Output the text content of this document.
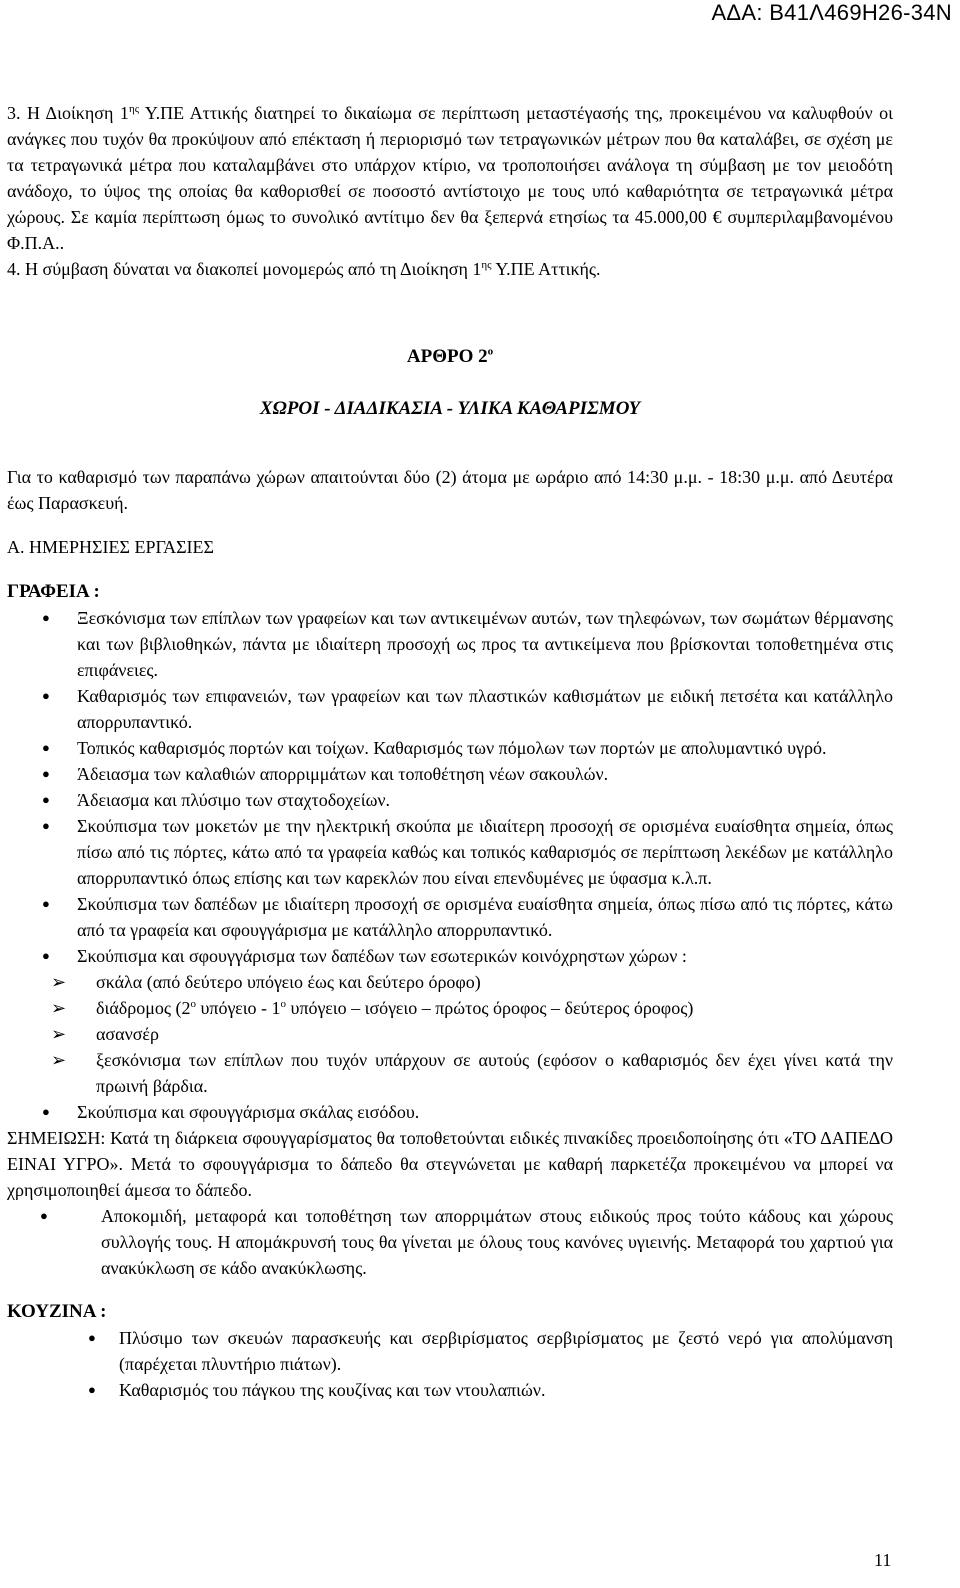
ΑΔΑ: Β41Λ469Η26-34Ν

3. Η Διοίκηση $1^{\eta\varsigma}$ Υ.ΠΕ Αττικής διατηρεί το δικαίωμα σε περίπτωση μεταστέγασής της, προκειμένου να καλυφθούν οι ανάγκες που τυχόν θα προκύψουν από επέκταση ή περιορισμό των τετραγωνικών μέτρων που θα καταλάβει, σε σχέση με τα τετραγωνικά μέτρα που καταλαμβάνει στο υπάρχον κτίριο, να τροποποιήσει ανάλογα τη σύμβαση με τον μειοδότη ανάδοχο, το ύψος της οποίας θα καθορισθεί σε ποσοστό αντίστοιχο με τους υπό καθαριότητα σε τετραγωνικά μέτρα χώρους. Σε καμία περίπτωση όμως το συνολικό αντίτιμο δεν θα ξεπερνά ετησίως τα 45.000,00 € συμπεριλαμβανομένου Φ.Π.Α..

4. Η σύμβαση δύναται να διακοπεί μονομερώς από τη Διοίκηση $1^{\eta\varsigma}$ Υ.ΠΕ Αττικής.

ΑΡΘΡΟ $2^o$

ΧΩΡΟΙ - ΔΙΑΔΙΚΑΣΙΑ - ΥΛΙΚΑ ΚΑΘΑΡΙΣΜΟΥ

Για το καθαρισμό των παραπάνω χώρων απαιτούνται δύο (2) άτομα με ωράριο από 14:30 μ.μ. - 18:30 μ.μ. από Δευτέρα έως Παρασκευή.

Α. ΗΜΕΡΗΣΙΕΣ ΕΡΓΑΣΙΕΣ

ΓΡΑΦΕΙΑ :

● Ξεσκόνισμα των επίπλων των γραφείων και των αντικειμένων αυτών, των τηλεφώνων, των σωμάτων θέρμανσης και των βιβλιοθηκών, πάντα με ιδιαίτερη προσοχή ως προς τα αντικείμενα που βρίσκονται τοποθετημένα στις επιφάνειες.
● Καθαρισμός των επιφανειών, των γραφείων και των πλαστικών καθισμάτων με ειδική πετσέτα και κατάλληλο απορρυπαντικό.
● Τοπικός καθαρισμός πορτών και τοίχων. Καθαρισμός των πόμολων των πορτών με απολυμαντικό υγρό.
● Άδειασμα των καλαθιών απορριμμάτων και τοποθέτηση νέων σακουλών.
● Άδειασμα και πλύσιμο των σταχτοδοχείων.
● Σκούπισμα των μοκετών με την ηλεκτρική σκούπα με ιδιαίτερη προσοχή σε ορισμένα ευαίσθητα σημεία, όπως πίσω από τις πόρτες, κάτω από τα γραφεία καθώς και τοπικός καθαρισμός σε περίπτωση λεκέδων με κατάλληλο απορρυπαντικό όπως επίσης και των καρεκλών που είναι επενδυμένες με ύφασμα κ.λ.π.
● Σκούπισμα των δαπέδων με ιδιαίτερη προσοχή σε ορισμένα ευαίσθητα σημεία, όπως πίσω από τις πόρτες, κάτω από τα γραφεία και σφουγγάρισμα με κατάλληλο απορρυπαντικό.
● Σκούπισμα και σφουγγάρισμα των δαπέδων των εσωτερικών κοινόχρηστων χώρων :
➢ σκάλα (από δεύτερο υπόγειο έως και δεύτερο όροφο)
➢ διάδρομος ($2^o$ υπόγειο - $1^o$ υπόγειο – ισόγειο – πρώτος όροφος – δεύτερος όροφος)
➢ ασανσέρ
➢ ξεσκόνισμα των επίπλων που τυχόν υπάρχουν σε αυτούς (εφόσον ο καθαρισμός δεν έχει γίνει κατά την πρωινή βάρδια.
● Σκούπισμα και σφουγγάρισμα σκάλας εισόδου.

ΣΗΜΕΙΩΣΗ: Κατά τη διάρκεια σφουγγαρίσματος θα τοποθετούνται ειδικές πινακίδες προειδοποίησης ότι «ΤΟ ΔΑΠΕΔΟ ΕΙΝΑΙ ΥΓΡΟ». Μετά το σφουγγάρισμα το δάπεδο θα στεγνώνεται με καθαρή παρκετέζα προκειμένου να μπορεί να χρησιμοποιηθεί άμεσα το δάπεδο.

●	Αποκομιδή, μεταφορά και τοποθέτηση των απορριμάτων στους ειδικούς προς τούτο κάδους και χώρους συλλογής τους. Η απομάκρυνσή τους θα γίνεται με όλους τους κανόνες υγιεινής. Μεταφορά του χαρτιού για ανακύκλωση σε κάδο ανακύκλωσης.

ΚΟΥΖΙΝΑ :

● Πλύσιμο των σκευών παρασκευής και σερβιρίσματος σερβιρίσματος με ζεστό νερό για απολύμανση (παρέχεται πλυντήριο πιάτων).
● Καθαρισμός του πάγκου της κουζίνας και των ντουλαπιών.
11
